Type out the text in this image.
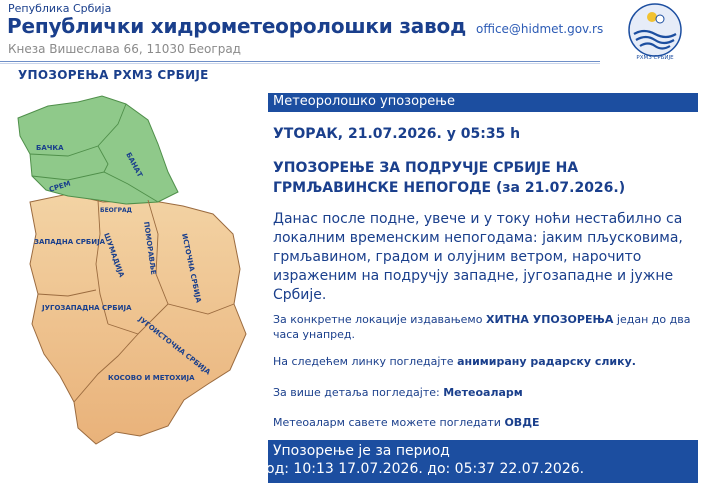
Република Србија
Републички хидрометеоролошки завод
Кнеза Вишеслава 66, 11030 Београд
office@hidmet.gov.rs
РХМЗ СРБИЈЕ
УПОЗОРЕЊА РХМЗ СРБИЈЕ
БАЧКА
БАНАТ
СРЕМ
БЕОГРАД
ЗАПАДНА СРБИЈА
ШУМАДИЈА ПОМОРАВЉЕ	ИСТОЧНА СРБИЈА
ЈУГОЗАПАДНА СРБИЈА
ЈУГОИСТОЧНА СРБИЈА
КОСОВО И МЕТОХИЈА
Метеоролошко упозорење
УТОРАК, 21.07.2026. у 05:35 h
УПОЗОРЕЊЕ ЗА ПОДРУЧЈЕ СРБИЈЕ НА ГРМЉАВИНСКЕ НЕПОГОДЕ (за 21.07.2026.)
Данас после подне, увече и у току ноћи нестабилно са локалним временским непогодама: јаким пљусковима, грмљавином, градом и олујним ветром, нарочито израженим на подручју западне, југозападне и јужне Србије.
За конкретне локације издавањемо ХИТНА УПОЗОРЕЊА један до два часа унапред.
На следећем линку погледајте анимирану радарску слику.
За више детаља погледајте: Метеоаларм
Метеоаларм савете можете погледати ОВДЕ
Упозорење је за период
од: 10:13 17.07.2026. до: 05:37 22.07.2026.
